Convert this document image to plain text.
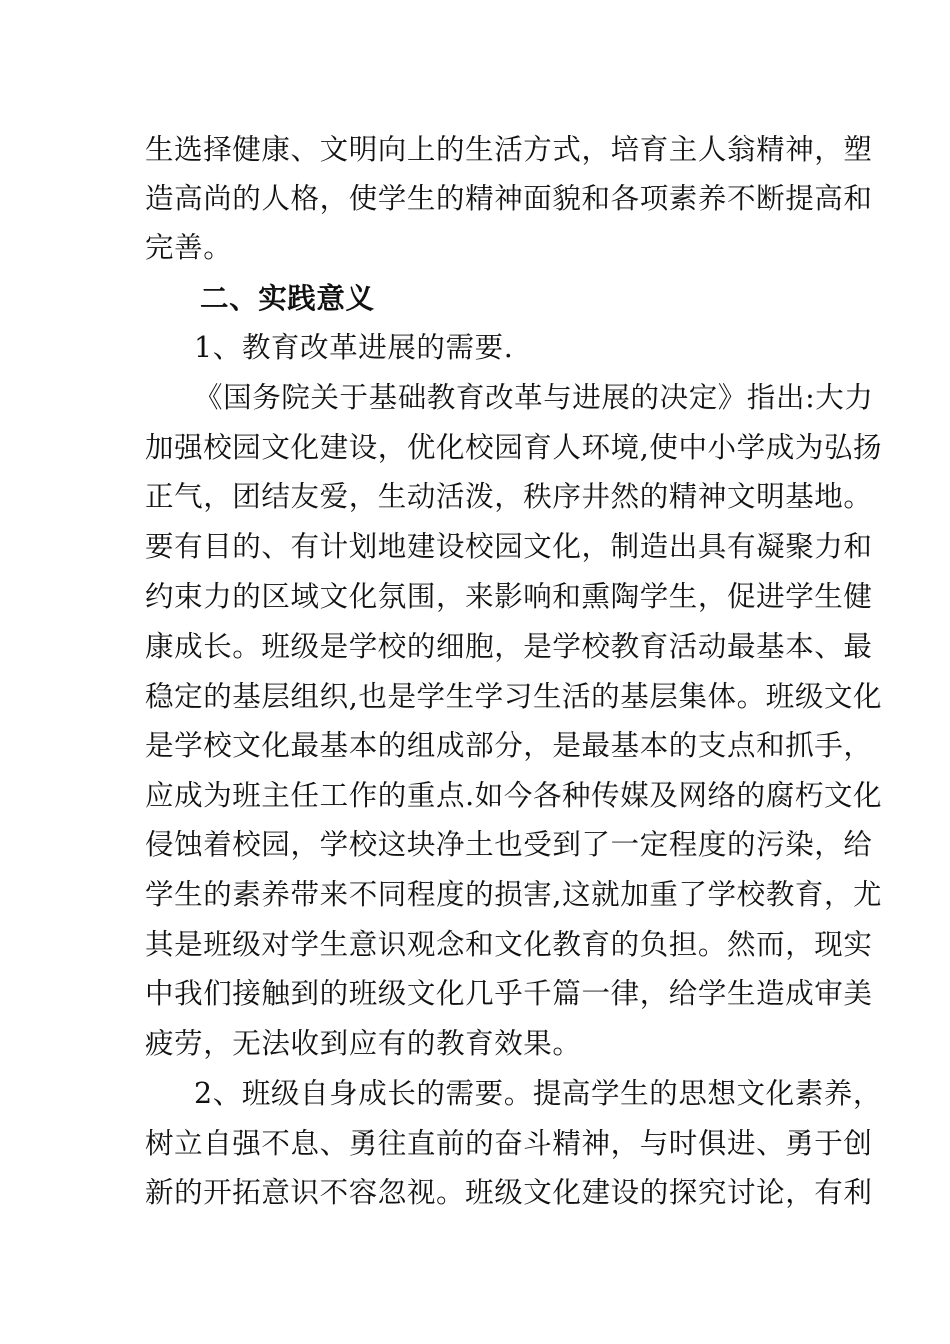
生选择健康、文明向上的生活方式，培育主人翁精神，塑
造高尚的人格，使学生的精神面貌和各项素养不断提高和
完善。
二、实践意义
1、教育改革进展的需要.
《国务院关于基础教育改革与进展的决定》指出:大力
加强校园文化建设，优化校园育人环境,使中小学成为弘扬
正气，团结友爱，生动活泼，秩序井然的精神文明基地。
要有目的、有计划地建设校园文化，制造出具有凝聚力和
约束力的区域文化氛围，来影响和熏陶学生，促进学生健
康成长。班级是学校的细胞，是学校教育活动最基本、最
稳定的基层组织,也是学生学习生活的基层集体。班级文化
是学校文化最基本的组成部分，是最基本的支点和抓手，
应成为班主任工作的重点.如今各种传媒及网络的腐朽文化
侵蚀着校园，学校这块净土也受到了一定程度的污染，给
学生的素养带来不同程度的损害,这就加重了学校教育，尤
其是班级对学生意识观念和文化教育的负担。然而，现实
中我们接触到的班级文化几乎千篇一律，给学生造成审美
疲劳，无法收到应有的教育效果。
2、班级自身成长的需要。提高学生的思想文化素养，
树立自强不息、勇往直前的奋斗精神，与时俱进、勇于创
新的开拓意识不容忽视。班级文化建设的探究讨论，有利
